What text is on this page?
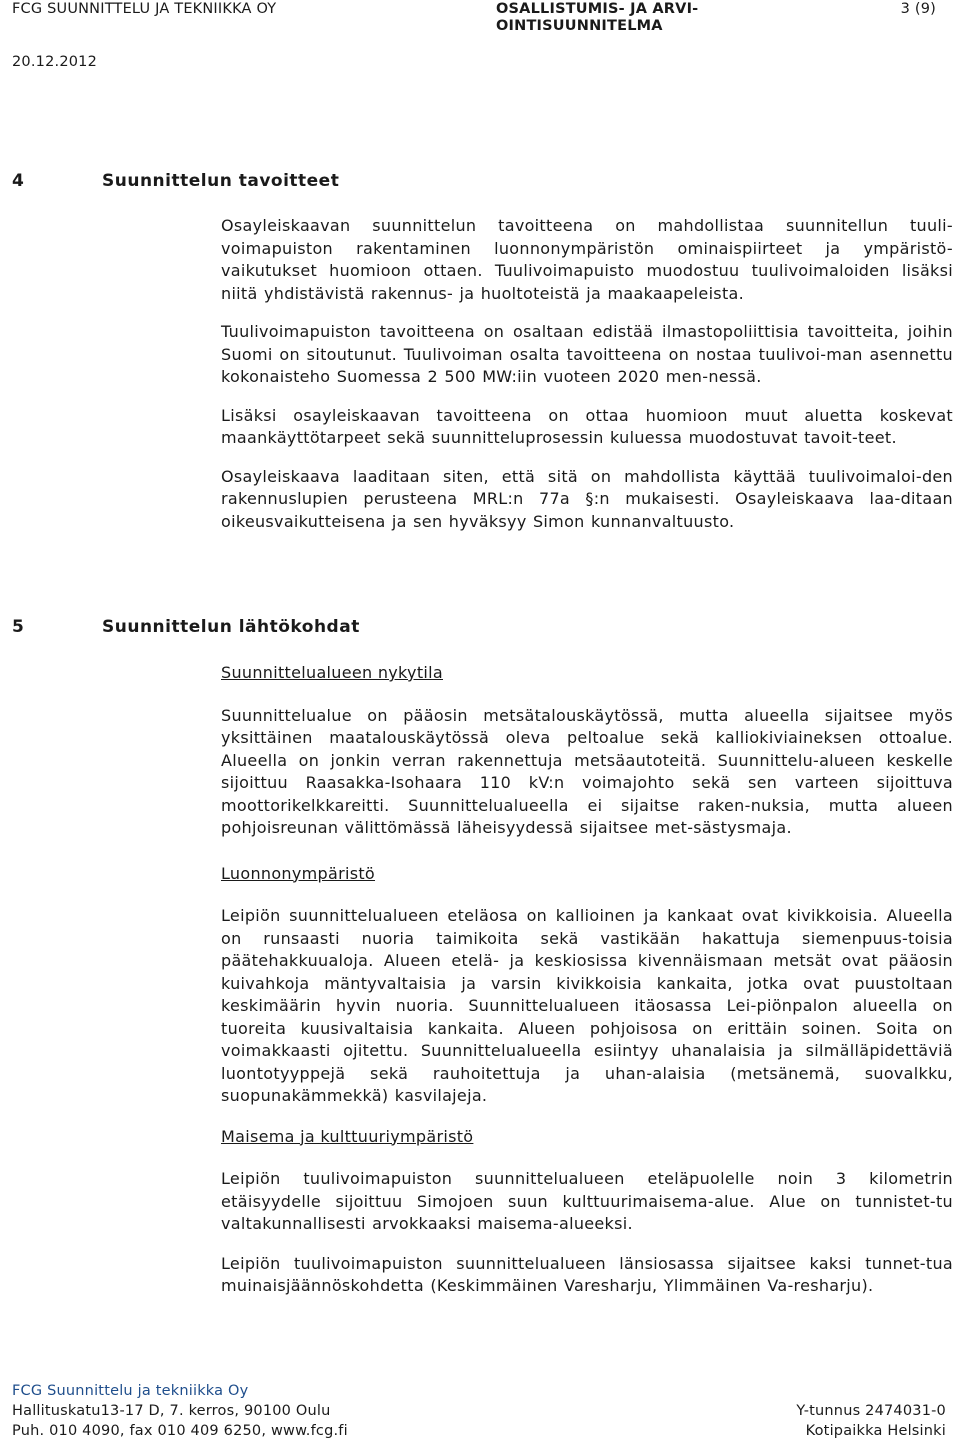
FCG SUUNNITTELU JA TEKNIIKKA OY	OSALLISTUMIS- JA ARVI-OINTISUUNNITELMA
3 (9)
20.12.2012
4	Suunnittelun tavoitteet

Osayleiskaavan suunnittelun tavoitteena on mahdollistaa suunnitellun tuuli-voimapuiston rakentaminen luonnonympäristön ominaispiirteet ja ympäristö-vaikutukset huomioon ottaen. Tuulivoimapuisto muodostuu tuulivoimaloiden lisäksi niitä yhdistävistä rakennus- ja huoltoteistä ja maakaapeleista.

Tuulivoimapuiston tavoitteena on osaltaan edistää ilmastopoliittisia tavoitteita, joihin Suomi on sitoutunut. Tuulivoiman osalta tavoitteena on nostaa tuulivoi-man asennettu kokonaisteho Suomessa 2 500 MW:iin vuoteen 2020 men-nessä.

Lisäksi osayleiskaavan tavoitteena on ottaa huomioon muut aluetta koskevat maankäyttötarpeet sekä suunnitteluprosessin kuluessa muodostuvat tavoit-teet.

Osayleiskaava laaditaan siten, että sitä on mahdollista käyttää tuulivoimaloi-den rakennuslupien perusteena MRL:n 77a §:n mukaisesti. Osayleiskaava laa-ditaan oikeusvaikutteisena ja sen hyväksyy Simon kunnanvaltuusto.

5	Suunnittelun lähtökohdat
Suunnittelualueen nykytila

Suunnittelualue on pääosin metsätalouskäytössä, mutta alueella sijaitsee myös yksittäinen maatalouskäytössä oleva peltoalue sekä kalliokiviaineksen ottoalue. Alueella on jonkin verran rakennettuja metsäautoteitä. Suunnittelu-alueen keskelle sijoittuu Raasakka-Isohaara 110 kV:n voimajohto sekä sen varteen sijoittuva moottorikelkkareitti. Suunnittelualueella ei sijaitse raken-nuksia, mutta alueen pohjoisreunan välittömässä läheisyydessä sijaitsee met-sästysmaja.

Luonnonympäristö

Leipiön suunnittelualueen eteläosa on kallioinen ja kankaat ovat kivikkoisia. Alueella on runsaasti nuoria taimikoita sekä vastikään hakattuja siemenpuus-toisia päätehakkuualoja. Alueen etelä- ja keskiosissa kivennäismaan metsät ovat pääosin kuivahkoja mäntyvaltaisia ja varsin kivikkoisia kankaita, jotka ovat puustoltaan keskimäärin hyvin nuoria. Suunnittelualueen itäosassa Lei-piönpalon alueella on tuoreita kuusivaltaisia kankaita. Alueen pohjoisosa on erittäin soinen. Soita on voimakkaasti ojitettu. Suunnittelualueella esiintyy uhanalaisia ja silmälläpidettäviä luontotyyppejä sekä rauhoitettuja ja uhan-alaisia (metsänemä, suovalkku, suopunakämmekkä) kasvilajeja.

Maisema ja kulttuuriympäristö

Leipiön tuulivoimapuiston suunnittelualueen eteläpuolelle noin 3 kilometrin etäisyydelle sijoittuu Simojoen suun kulttuurimaisema-alue. Alue on tunnistet-tu valtakunnallisesti arvokkaaksi maisema-alueeksi.

Leipiön tuulivoimapuiston suunnittelualueen länsiosassa sijaitsee kaksi tunnet-tua muinaisjäännöskohdetta (Keskimmäinen Varesharju, Ylimmäinen Va-resharju).

FCG Suunnittelu ja tekniikka Oy
Hallituskatu13-17 D, 7. kerros, 90100 Oulu
Puh. 010 4090, fax 010 409 6250, www.fcg.fi
Y-tunnus 2474031-0
Kotipaikka Helsinki
